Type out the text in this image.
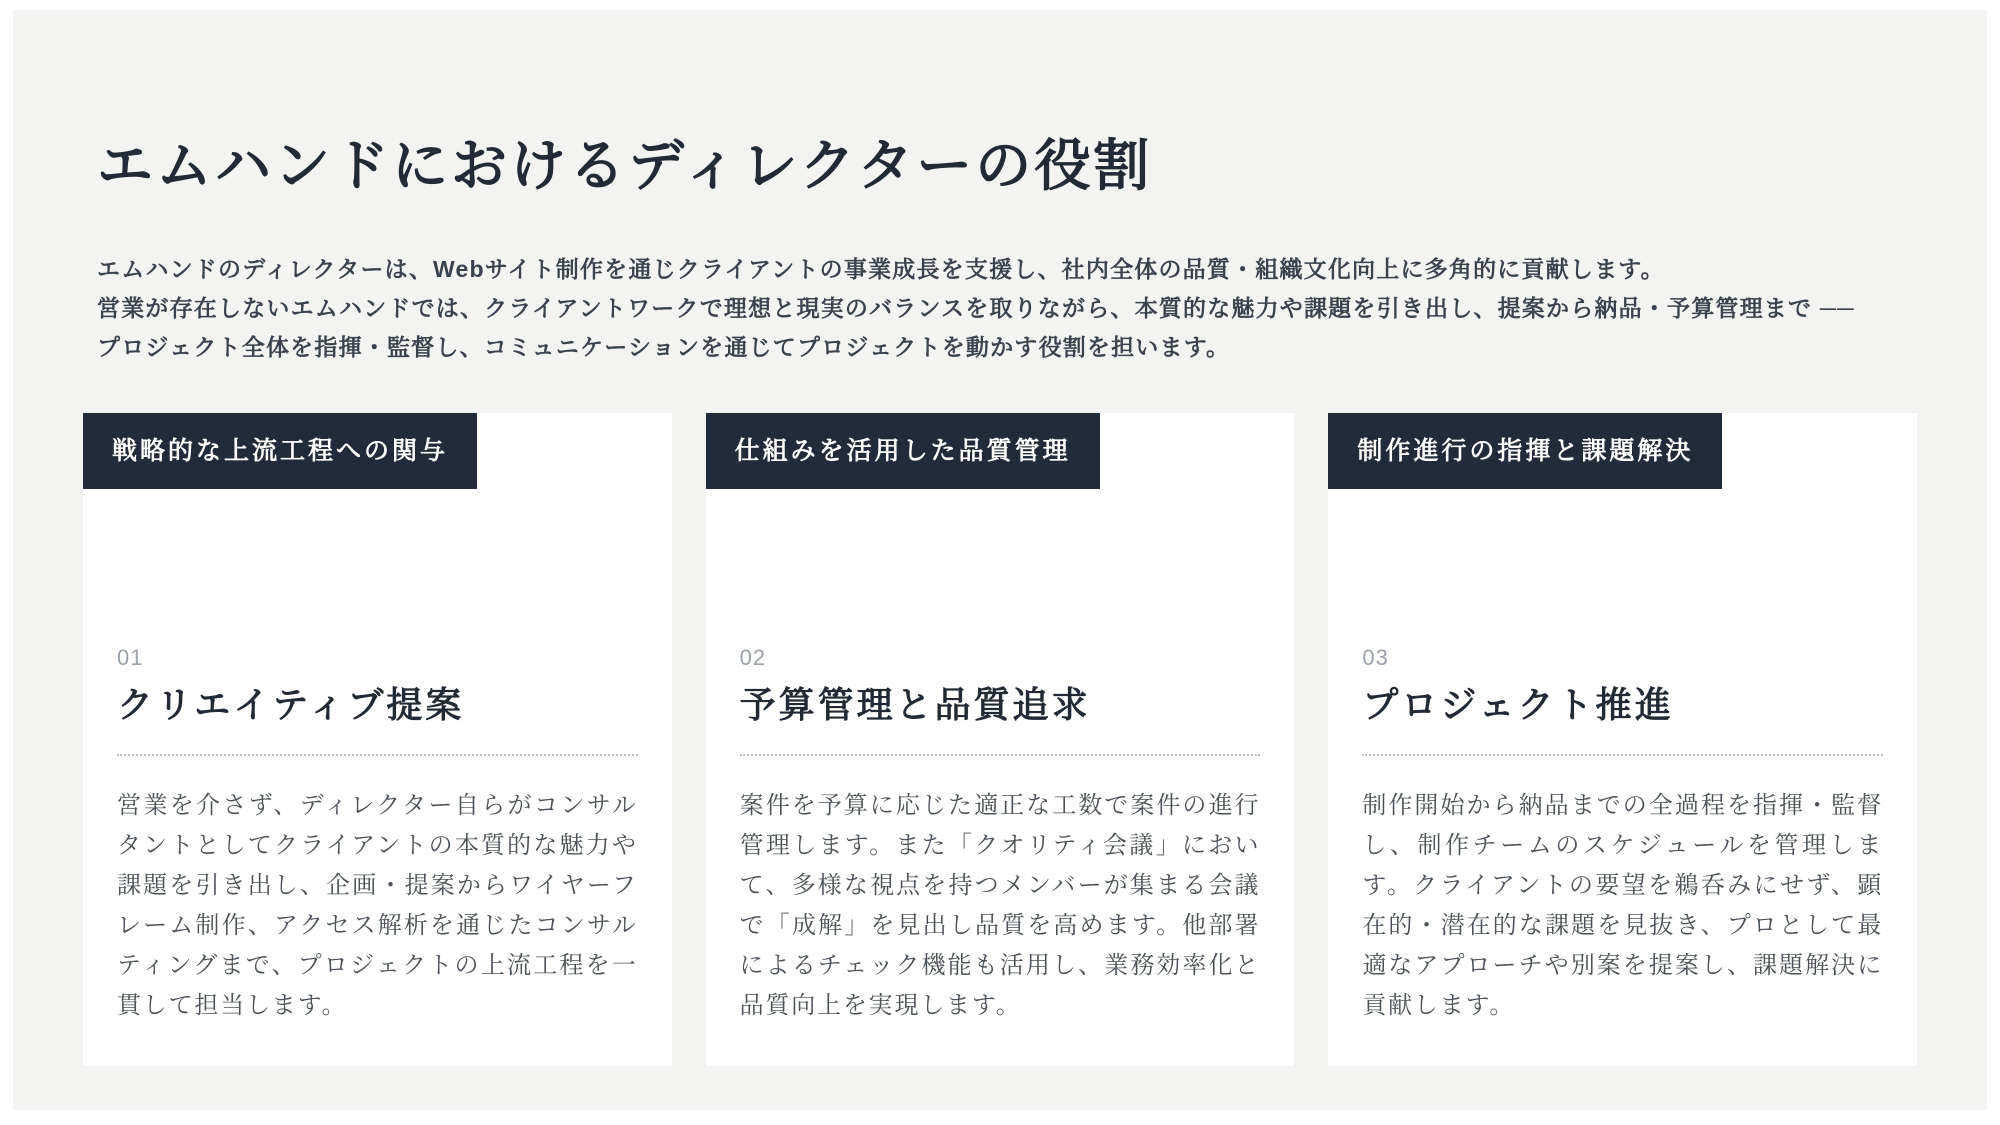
エムハンドにおけるディレクターの役割

エムハンドのディレクターは、Webサイト制作を通じクライアントの事業成長を支援し、社内全体の品質・組織文化向上に多角的に貢献します。
営業が存在しないエムハンドでは、クライアントワークで理想と現実のバランスを取りながら、本質的な魅力や課題を引き出し、提案から納品・予算管理まで ──
プロジェクト全体を指揮・監督し、コミュニケーションを通じてプロジェクトを動かす役割を担います。

戦略的な上流工程への関与
01
クリエイティブ提案

営業を介さず、ディレクター自らがコンサルタントとしてクライアントの本質的な魅力や課題を引き出し、企画・提案からワイヤーフレーム制作、アクセス解析を通じたコンサルティングまで、プロジェクトの上流工程を一貫して担当します。

仕組みを活用した品質管理
02
予算管理と品質追求

案件を予算に応じた適正な工数で案件の進行管理します。また「クオリティ会議」において、多様な視点を持つメンバーが集まる会議で「成解」を見出し品質を高めます。他部署によるチェック機能も活用し、業務効率化と品質向上を実現します。

制作進行の指揮と課題解決
03
プロジェクト推進

制作開始から納品までの全過程を指揮・監督し、制作チームのスケジュールを管理します。クライアントの要望を鵜呑みにせず、顕在的・潜在的な課題を見抜き、プロとして最適なアプローチや別案を提案し、課題解決に貢献します。
